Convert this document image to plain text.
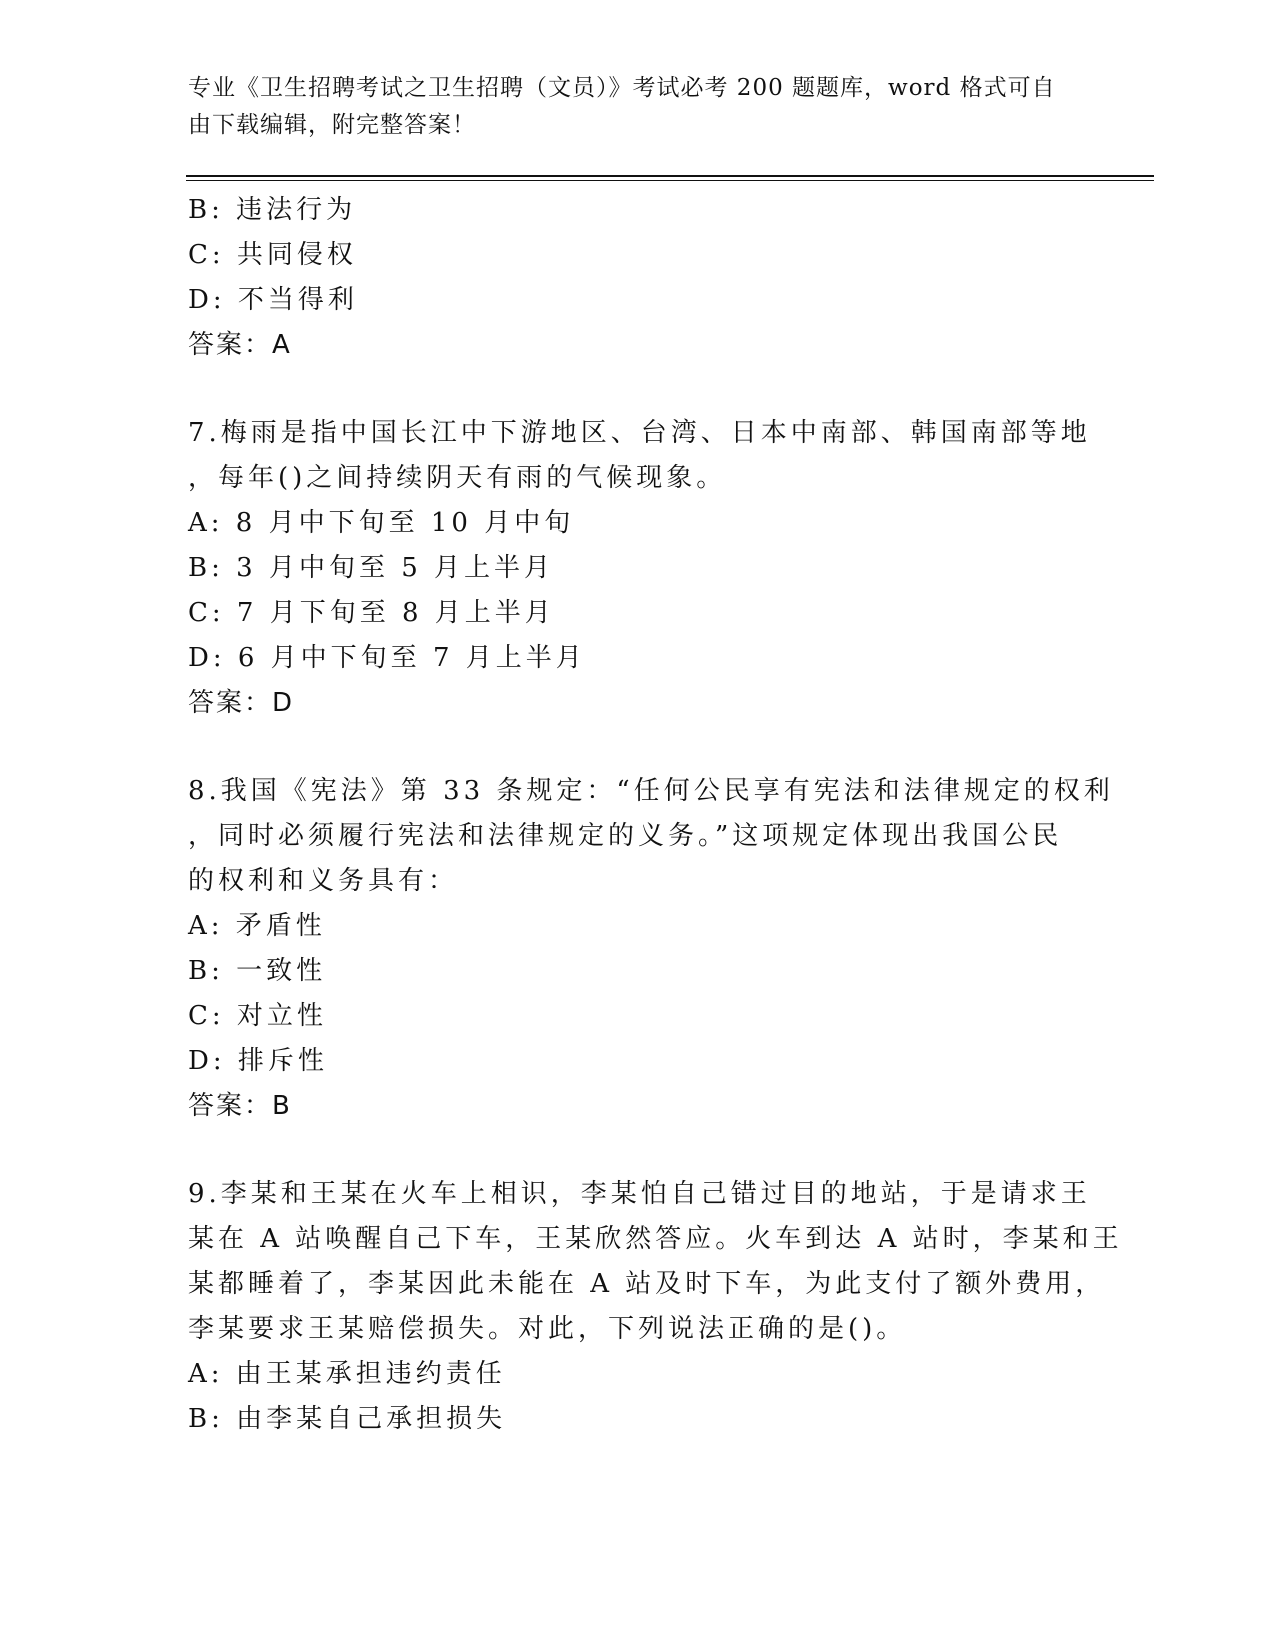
专业《卫生招聘考试之卫生招聘（文员）》考试必考 200 题题库，word 格式可自
由下载编辑，附完整答案！
B: 违法行为
C: 共同侵权
D: 不当得利
答案：A
7.梅雨是指中国长江中下游地区、台湾、日本中南部、韩国南部等地
，每年()之间持续阴天有雨的气候现象。
A: 8 月中下旬至 10 月中旬
B: 3 月中旬至 5 月上半月
C: 7 月下旬至 8 月上半月
D: 6 月中下旬至 7 月上半月
答案：D
8.我国《宪法》第 33 条规定：“任何公民享有宪法和法律规定的权利
，同时必须履行宪法和法律规定的义务。”这项规定体现出我国公民
的权利和义务具有：
A: 矛盾性
B: 一致性
C: 对立性
D: 排斥性
答案：B
9.李某和王某在火车上相识，李某怕自己错过目的地站，于是请求王
某在 A 站唤醒自己下车，王某欣然答应。火车到达 A 站时，李某和王
某都睡着了，李某因此未能在 A 站及时下车，为此支付了额外费用，
李某要求王某赔偿损失。对此，下列说法正确的是()。
A: 由王某承担违约责任
B: 由李某自己承担损失
